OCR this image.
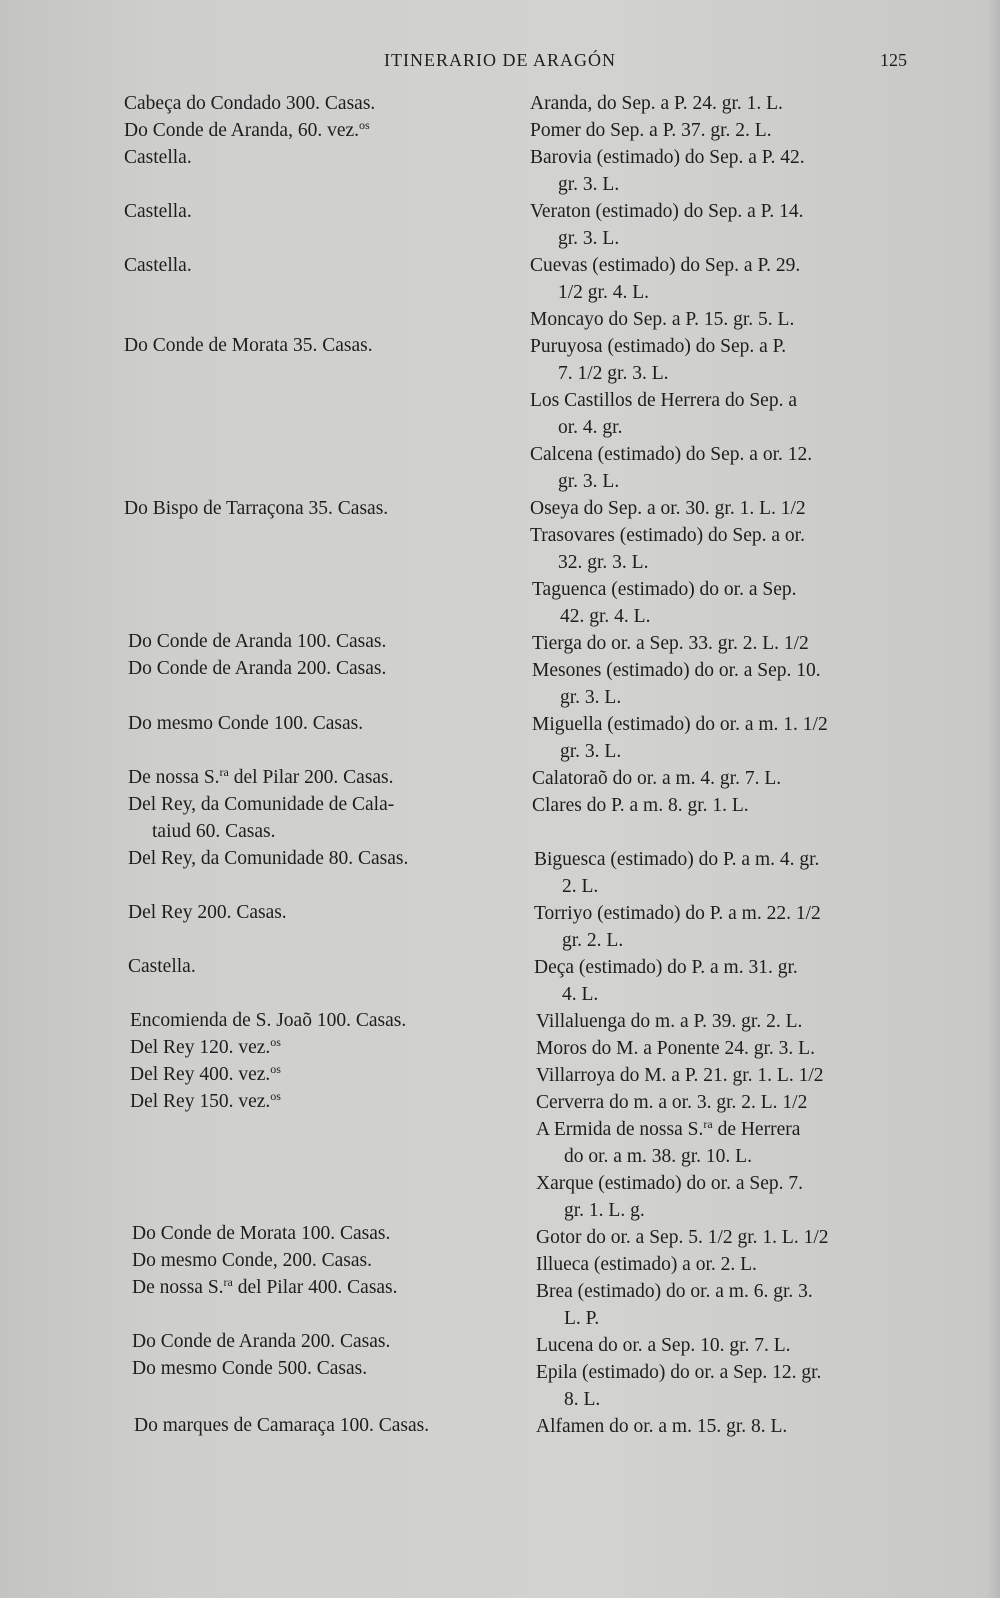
ITINERARIO DE ARAGÓN	125
Cabeça do Condado 300. Casas.
Do Conde de Aranda, 60. vez.$^{os}$
Castella.
Castella.
Castella.
Do Conde de Morata 35. Casas.
Do Bispo de Tarraçona 35. Casas.
Do Conde de Aranda 100. Casas.
Do Conde de Aranda 200. Casas.
Do mesmo Conde 100. Casas.
De nossa S.$^{ra}$ del Pilar 200. Casas.
Del Rey, da Comunidade de Cala-
taiud 60. Casas.
Del Rey, da Comunidade 80. Casas.
Del Rey 200. Casas.
Castella.
Encomienda de S. Joaõ 100. Casas.
Del Rey 120. vez.$^{os}$
Del Rey 400. vez.$^{os}$
Del Rey 150. vez.$^{os}$
Do Conde de Morata 100. Casas.
Do mesmo Conde, 200. Casas.
De nossa S.$^{ra}$ del Pilar 400. Casas.
Do Conde de Aranda 200. Casas.
Do mesmo Conde 500. Casas.
Do marques de Camaraça 100. Casas.
Aranda, do Sep. a P. 24. gr. 1. L.
Pomer do Sep. a P. 37. gr. 2. L.
Barovia (estimado) do Sep. a P. 42.
gr. 3. L.
Veraton (estimado) do Sep. a P. 14.
gr. 3. L.
Cuevas (estimado) do Sep. a P. 29.
1/2 gr. 4. L.
Moncayo do Sep. a P. 15. gr. 5. L.
Puruyosa (estimado) do Sep. a P.
7. 1/2 gr. 3. L.
Los Castillos de Herrera do Sep. a
or. 4. gr.
Calcena (estimado) do Sep. a or. 12.
gr. 3. L.
Oseya do Sep. a or. 30. gr. 1. L. 1/2
Trasovares (estimado) do Sep. a or.
32. gr. 3. L.
Taguenca (estimado) do or. a Sep.
42. gr. 4. L.
Tierga do or. a Sep. 33. gr. 2. L. 1/2
Mesones (estimado) do or. a Sep. 10.
gr. 3. L.
Miguella (estimado) do or. a m. 1. 1/2
gr. 3. L.
Calatoraõ do or. a m. 4. gr. 7. L.
Clares do P. a m. 8. gr. 1. L.
Biguesca (estimado) do P. a m. 4. gr.
2. L.
Torriyo (estimado) do P. a m. 22. 1/2
gr. 2. L.
Deça (estimado) do P. a m. 31. gr.
4. L.
Villaluenga do m. a P. 39. gr. 2. L.
Moros do M. a Ponente 24. gr. 3. L.
Villarroya do M. a P. 21. gr. 1. L. 1/2
Cerverra do m. a or. 3. gr. 2. L. 1/2
A Ermida de nossa S.$^{ra}$ de Herrera
do or. a m. 38. gr. 10. L.
Xarque (estimado) do or. a Sep. 7.
gr. 1. L. g.
Gotor do or. a Sep. 5. 1/2 gr. 1. L. 1/2
Illueca (estimado) a or. 2. L.
Brea (estimado) do or. a m. 6. gr. 3.
L. P.
Lucena do or. a Sep. 10. gr. 7. L.
Epila (estimado) do or. a Sep. 12. gr.
8. L.
Alfamen do or. a m. 15. gr. 8. L.
